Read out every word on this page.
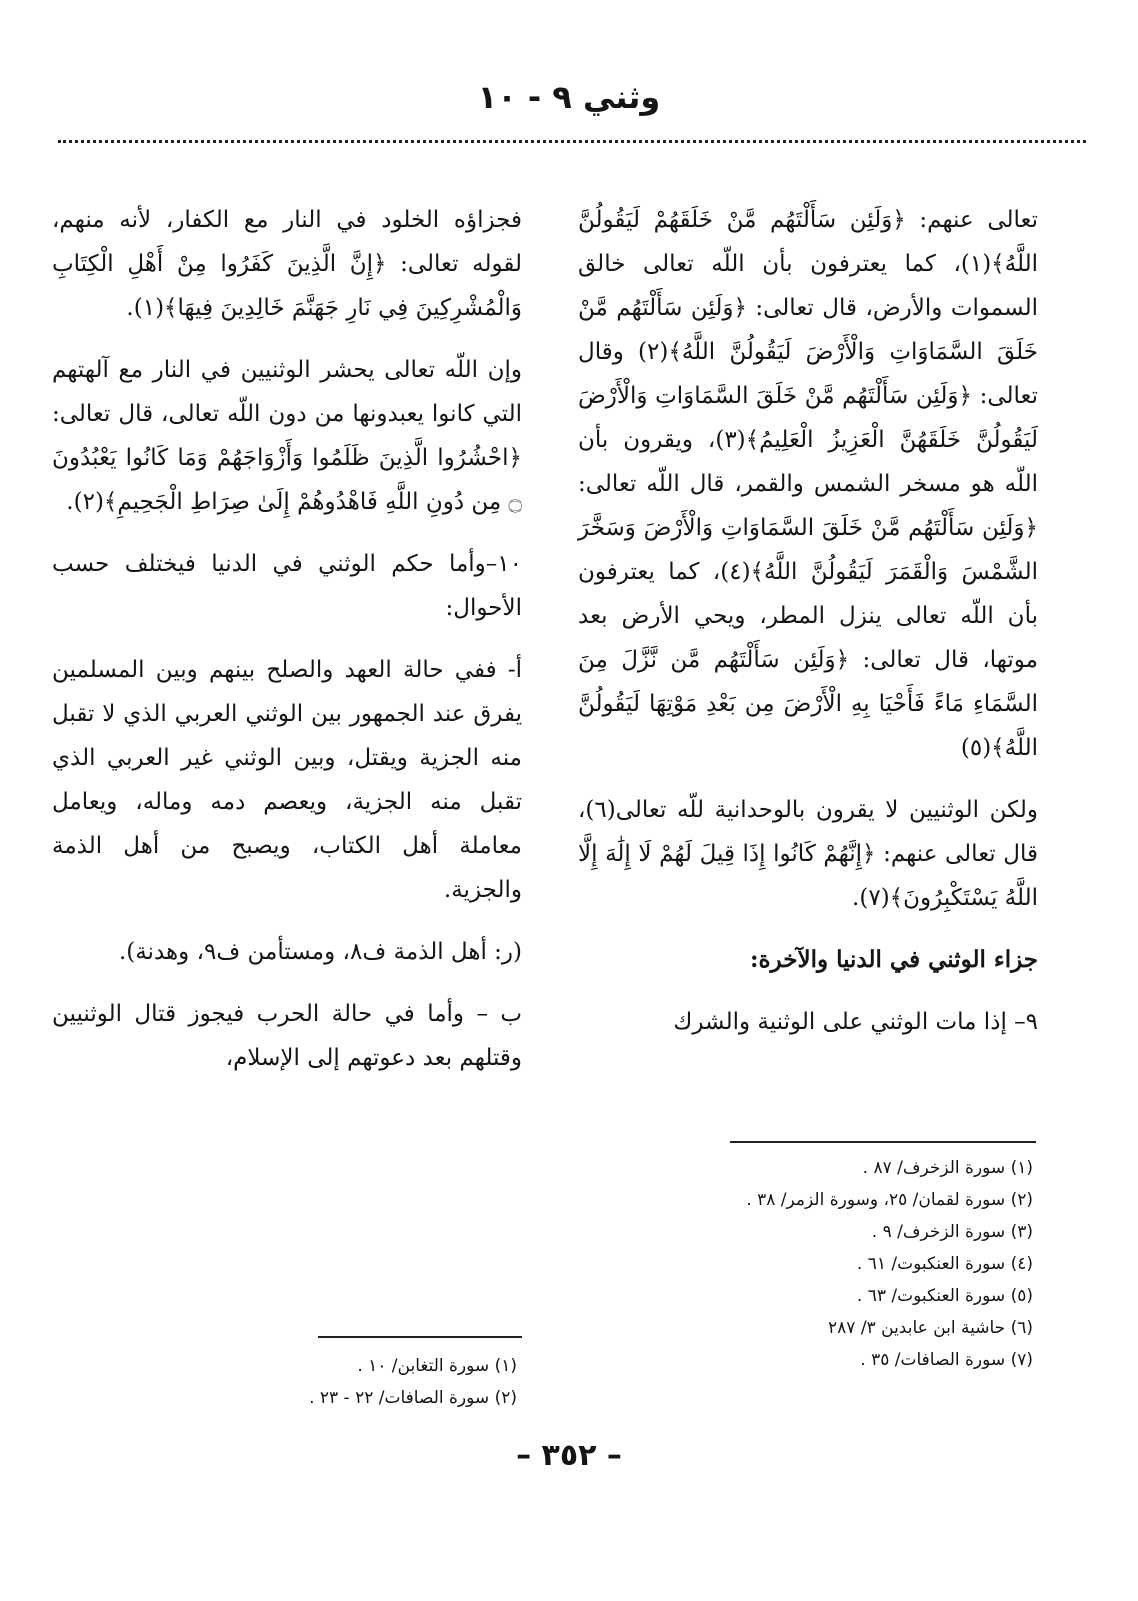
وثني ٩ - ١٠

تعالى عنهم: ﴿وَلَئِن سَأَلْتَهُم مَّنْ خَلَقَهُمْ لَيَقُولُنَّ اللَّهُ﴾(١)، كما يعترفون بأن اللّه تعالى خالق السموات والأرض، قال تعالى: ﴿وَلَئِن سَأَلْتَهُم مَّنْ خَلَقَ السَّمَاوَاتِ وَالْأَرْضَ لَيَقُولُنَّ اللَّهُ﴾(٢) وقال تعالى: ﴿وَلَئِن سَأَلْتَهُم مَّنْ خَلَقَ السَّمَاوَاتِ وَالْأَرْضَ لَيَقُولُنَّ خَلَقَهُنَّ الْعَزِيزُ الْعَلِيمُ﴾(٣)، ويقرون بأن اللّه هو مسخر الشمس والقمر، قال اللّه تعالى: ﴿وَلَئِن سَأَلْتَهُم مَّنْ خَلَقَ السَّمَاوَاتِ وَالْأَرْضَ وَسَخَّرَ الشَّمْسَ وَالْقَمَرَ لَيَقُولُنَّ اللَّهُ﴾(٤)، كما يعترفون بأن اللّه تعالى ينزل المطر، ويحي الأرض بعد موتها، قال تعالى: ﴿وَلَئِن سَأَلْتَهُم مَّن نَّزَّلَ مِنَ السَّمَاءِ مَاءً فَأَحْيَا بِهِ الْأَرْضَ مِن بَعْدِ مَوْتِهَا لَيَقُولُنَّ اللَّهُ﴾(٥)

ولكن الوثنيين لا يقرون بالوحدانية للّه تعالى(٦)، قال تعالى عنهم: ﴿إِنَّهُمْ كَانُوا إِذَا قِيلَ لَهُمْ لَا إِلَٰهَ إِلَّا اللَّهُ يَسْتَكْبِرُونَ﴾(٧).

جزاء الوثني في الدنيا والآخرة:

٩– إذا مات الوثني على الوثنية والشرك

فجزاؤه الخلود في النار مع الكفار، لأنه منهم، لقوله تعالى: ﴿إِنَّ الَّذِينَ كَفَرُوا مِنْ أَهْلِ الْكِتَابِ وَالْمُشْرِكِينَ فِي نَارِ جَهَنَّمَ خَالِدِينَ فِيهَا﴾(١).

وإن اللّه تعالى يحشر الوثنيين في النار مع آلهتهم التي كانوا يعبدونها من دون اللّه تعالى، قال تعالى: ﴿احْشُرُوا الَّذِينَ ظَلَمُوا وَأَزْوَاجَهُمْ وَمَا كَانُوا يَعْبُدُونَ ۝ مِن دُونِ اللَّهِ فَاهْدُوهُمْ إِلَىٰ صِرَاطِ الْجَحِيمِ﴾(٢).

١٠–وأما حكم الوثني في الدنيا فيختلف حسب الأحوال:

أ- ففي حالة العهد والصلح بينهم وبين المسلمين يفرق عند الجمهور بين الوثني العربي الذي لا تقبل منه الجزية ويقتل، وبين الوثني غير العربي الذي تقبل منه الجزية، ويعصم دمه وماله، ويعامل معاملة أهل الكتاب، ويصبح من أهل الذمة والجزية.

(ر: أهل الذمة ف٨، ومستأمن ف٩، وهدنة).

ب – وأما في حالة الحرب فيجوز قتال الوثنيين وقتلهم بعد دعوتهم إلى الإسلام،

(١) سورة الزخرف/ ٨٧ .
(٢) سورة لقمان/ ٢٥، وسورة الزمر/ ٣٨ .
(٣) سورة الزخرف/ ٩ .
(٤) سورة العنكبوت/ ٦١ .
(٥) سورة العنكبوت/ ٦٣ .
(٦) حاشية ابن عابدين ٣/ ٢٨٧
(٧) سورة الصافات/ ٣٥ .
(١) سورة التغابن/ ١٠ .
(٢) سورة الصافات/ ٢٢ - ٢٣ .
– ٣٥٢ –
